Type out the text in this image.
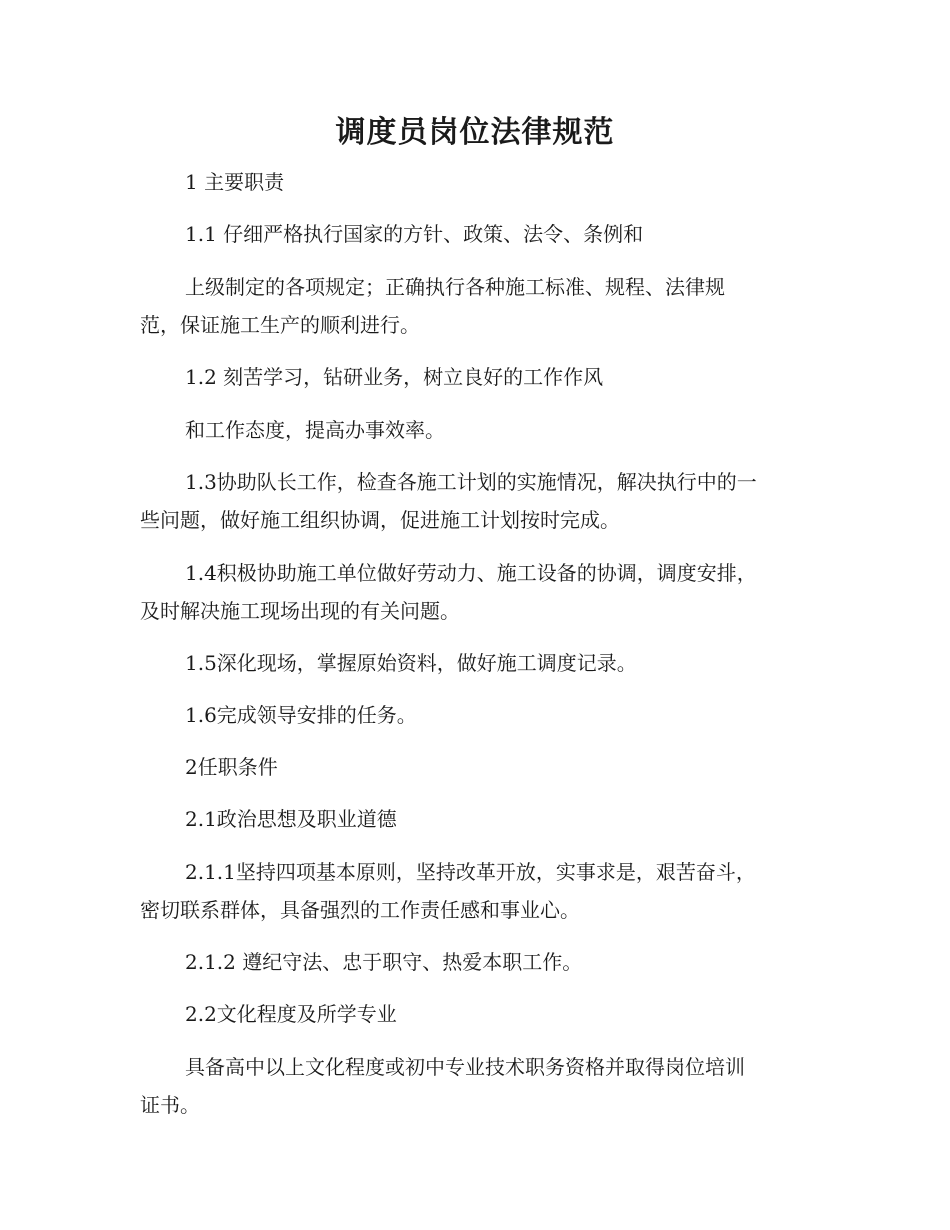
调度员岗位法律规范

1 主要职责

1.1 仔细严格执行国家的方针、政策、法令、条例和

上级制定的各项规定；正确执行各种施工标准、规程、法律规

范，保证施工生产的顺利进行。

1.2 刻苦学习，钻研业务，树立良好的工作作风

和工作态度，提高办事效率。

1.3协助队长工作，检查各施工计划的实施情况，解决执行中的一

些问题，做好施工组织协调，促进施工计划按时完成。

1.4积极协助施工单位做好劳动力、施工设备的协调，调度安排，

及时解决施工现场出现的有关问题。

1.5深化现场，掌握原始资料，做好施工调度记录。

1.6完成领导安排的任务。

2任职条件

2.1政治思想及职业道德

2.1.1坚持四项基本原则，坚持改革开放，实事求是，艰苦奋斗，

密切联系群体，具备强烈的工作责任感和事业心。

2.1.2 遵纪守法、忠于职守、热爱本职工作。

2.2文化程度及所学专业

具备高中以上文化程度或初中专业技术职务资格并取得岗位培训

证书。
